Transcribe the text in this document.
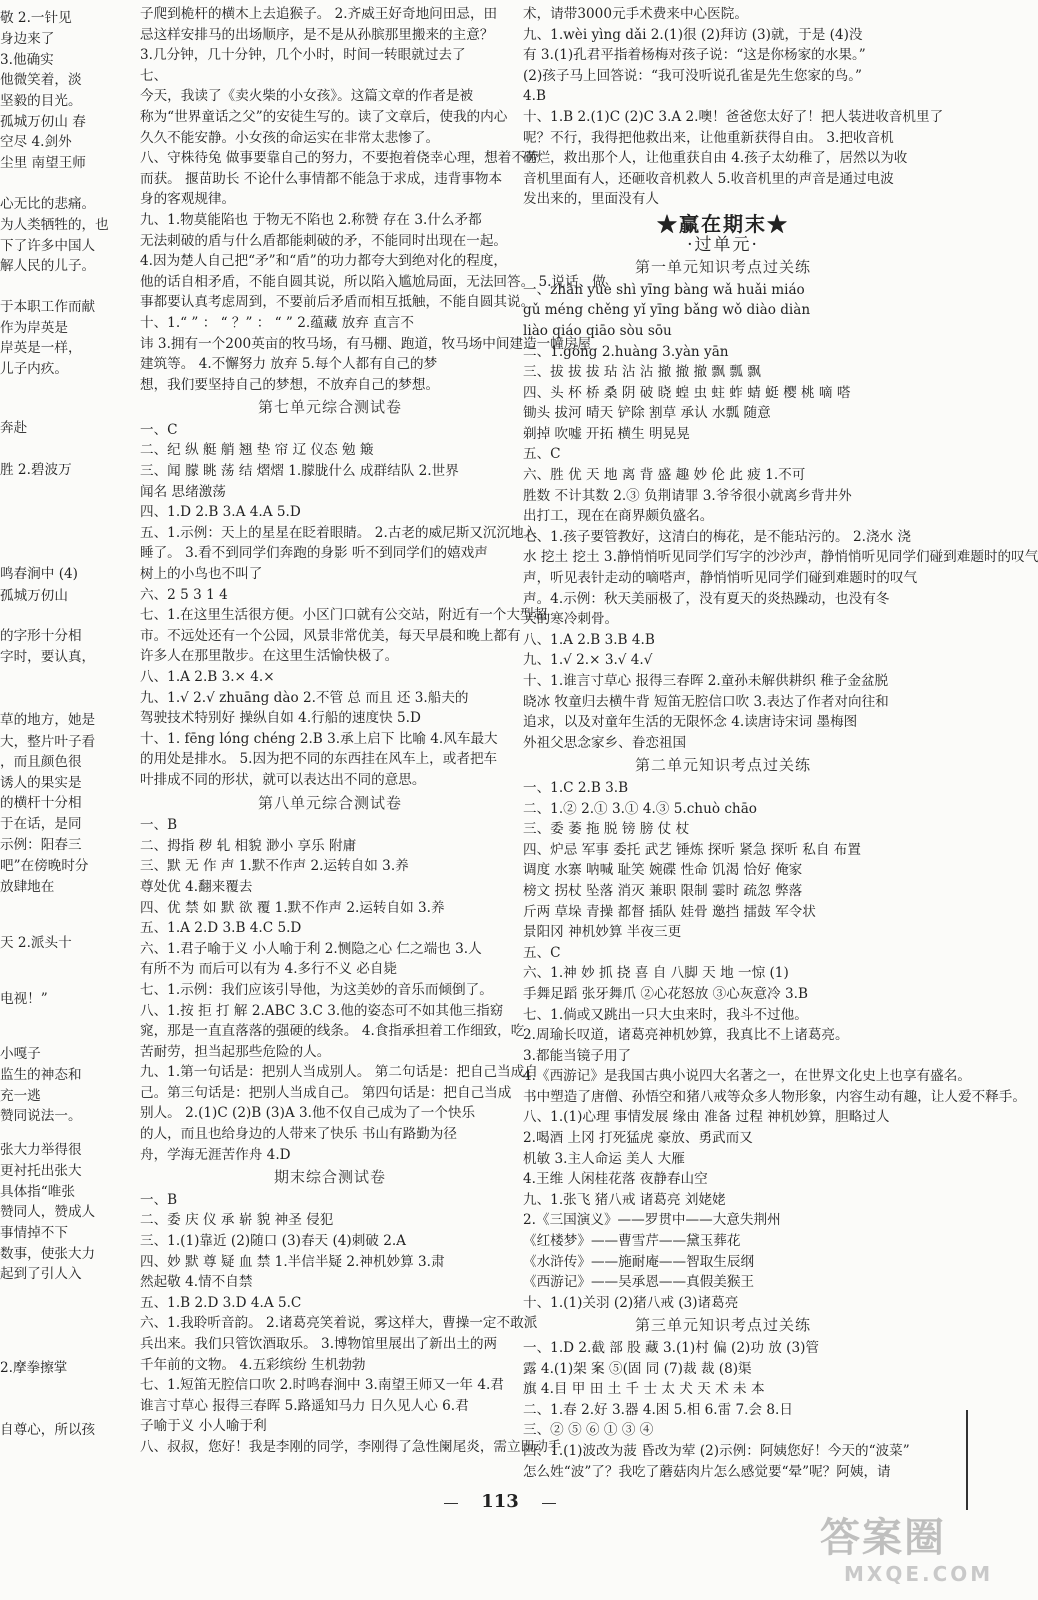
敬 2.一针见
身边来了
3.他确实
他微笑着，淡
坚毅的目光。
孤城万仞山 春
空尽 4.剑外
尘里 南望王师
心无比的悲痛。
为人类牺牲的，也
下了许多中国人
解人民的儿子。
于本职工作而献
作为岸英是
岸英是一样，
儿子内疚。
奔赴
胜 2.碧波万
鸣春涧中 (4)
孤城万仞山
的字形十分相
字时，要认真，
草的地方，她是
大，整片叶子看
，而且颜色很
诱人的果实是
的横杆十分相
于在话，是同
示例：阳春三
吧”在傍晚时分
放肆地在
天 2.派头十
电视！”
小嘎子
监生的神态和
充一逃
赞同说法一。
张大力举得很
更衬托出张大
具体指“唯张
赞同人，赞成人
事情掉不下
数事，使张大力
起到了引人入
2.摩拳擦掌
自尊心，所以孩
子爬到桅杆的横木上去追猴子。 2.齐威王好奇地问田忌，田
忌这样安排马的出场顺序，是不是从孙膑那里搬来的主意？
3.几分钟，几十分钟，几个小时，时间一转眼就过去了
七、
今天，我读了《卖火柴的小女孩》。这篇文章的作者是被
称为“世界童话之父”的安徒生写的。读了文章后，使我的内心
久久不能安静。小女孩的命运实在非常太悲惨了。
八、守株待兔 做事要靠自己的努力，不要抱着侥幸心理，想着不劳
而获。 揠苗助长 不论什么事情都不能急于求成，违背事物本
身的客观规律。
九、1.物莫能陷也 于物无不陷也 2.称赞 存在 3.什么矛都
无法刺破的盾与什么盾都能刺破的矛，不能同时出现在一起。
4.因为楚人自己把“矛”和“盾”的功力都夸大到绝对化的程度，
他的话自相矛盾，不能自圆其说，所以陷入尴尬局面，无法回答。 5.说话、做
事都要认真考虑周到，不要前后矛盾而相互抵触，不能自圆其说。
十、1.“ ” ： “ ？” ： “ ” 2.蕴藏 放弃 直言不
讳 3.拥有一个200英亩的牧马场，有马棚、跑道，牧马场中间建造一幢房屋
建筑等。 4.不懈努力 放弃 5.每个人都有自己的梦
想，我们要坚持自己的梦想，不放弃自己的梦想。
第七单元综合测试卷
一、C
二、纪 纵 艇 艄 翘 垫 帘 辽 仪态 勉 簸
三、闻 朦 眺 荡 结 熠熠 1.朦胧什么 成群结队 2.世界
闻名 思绪激荡
四、1.D 2.B 3.A 4.A 5.D
五、1.示例：天上的星星在眨着眼睛。 2.古老的威尼斯又沉沉地入
睡了。 3.看不到同学们奔跑的身影 听不到同学们的嬉戏声
树上的小鸟也不叫了
六、2 5 3 1 4
七、1.在这里生活很方便。小区门口就有公交站，附近有一个大型超
市。不远处还有一个公园，风景非常优美，每天早晨和晚上都有
许多人在那里散步。在这里生活愉快极了。
八、1.A 2.B 3.× 4.×
九、1.√ 2.√ zhuāng dào 2.不管 总 而且 还 3.船夫的
驾驶技术特别好 操纵自如 4.行船的速度快 5.D
十、1. fēng lóng chéng 2.B 3.承上启下 比喻 4.风车最大
的用处是排水。 5.因为把不同的东西挂在风车上，或者把车
叶排成不同的形状，就可以表达出不同的意思。
第八单元综合测试卷
一、B
二、拇指 秽 轧 相貌 渺小 享乐 附庸
三、默 无 作 声 1.默不作声 2.运转自如 3.养
尊处优 4.翻来覆去
四、优 禁 如 默 欲 覆 1.默不作声 2.运转自如 3.养
五、1.A 2.D 3.B 4.C 5.D
六、1.君子喻于义 小人喻于利 2.恻隐之心 仁之端也 3.人
有所不为 而后可以有为 4.多行不义 必自毙
七、1.示例：我们应该引导他，为这美妙的音乐而倾倒了。
八、1.按 拒 打 解 2.ABC 3.C 3.他的姿态可不如其他三指窈
窕，那是一直直落落的强硬的线条。 4.食指承担着工作细致，吃
苦耐劳，担当起那些危险的人。
九、1.第一句话是：把别人当成别人。 第二句话是：把自己当成自
己。第三句话是：把别人当成自己。 第四句话是：把自己当成
别人。 2.(1)C (2)B (3)A 3.他不仅自己成为了一个快乐
的人，而且也给身边的人带来了快乐 书山有路勤为径
舟，学海无涯苦作舟 4.D
期末综合测试卷
一、B
二、委 庆 仪 承 崭 貌 神圣 侵犯
三、1.(1)靠近 (2)随口 (3)春天 (4)刺破 2.A
四、妙 默 尊 疑 血 禁 1.半信半疑 2.神机妙算 3.肃
然起敬 4.情不自禁
五、1.B 2.D 3.D 4.A 5.C
六、1.我聆听音韵。 2.诸葛亮笑着说，雾这样大，曹操一定不敢派
兵出来。我们只管饮酒取乐。 3.博物馆里展出了新出土的两
千年前的文物。 4.五彩缤纷 生机勃勃
七、1.短笛无腔信口吹 2.时鸣春涧中 3.南望王师又一年 4.君
谁言寸草心 报得三春晖 5.路遥知马力 日久见人心 6.君
子喻于义 小人喻于利
八、叔叔，您好！我是李刚的同学，李刚得了急性阑尾炎，需立即动手
术，请带3000元手术费来中心医院。
九、1.wèi yìng dǎi 2.(1)很 (2)拜访 (3)就，于是 (4)没
有 3.(1)孔君平指着杨梅对孩子说：“这是你杨家的水果。”
(2)孩子马上回答说：“我可没听说孔雀是先生您家的鸟。”
4.B
十、1.B 2.(1)C (2)C 3.A 2.噢！爸爸您太好了！把人装进收音机里了
呢？不行，我得把他救出来，让他重新获得自由。 3.把收音机
砸烂，救出那个人，让他重获自由 4.孩子太幼稚了，居然以为收
音机里面有人，还砸收音机救人 5.收音机里的声音是通过电波
发出来的，里面没有人
★赢在期末★
·过单元·
第一单元知识考点过关练
一、zhàn yuè shì yīng bàng wǎ huǎi miáo
gǔ méng chěng yǐ yīng bǎng wǒ diào diàn
liào qiáo qiāo sòu sōu
二、1.gōng 2.huàng 3.yàn yān
三、拔 拔 拔 玷 沾 沾 撤 撤 撤 飘 瓢 飘
四、头 杯 桥 桑 阴 破 晓 蝗 虫 蛀 蚱 蜻 蜓 樱 桃 嘀 嗒
锄头 拔河 晴天 铲除 割草 承认 水瓢 随意
剃掉 吹嘘 开拓 横生 明晃晃
五、C
六、胜 优 天 地 离 背 盛 趣 妙 伦 此 疲 1.不可
胜数 不计其数 2.③ 负荆请罪 3.爷爷很小就离乡背井外
出打工，现在在商界颇负盛名。
七、1.孩子要管教好，这清白的梅花，是不能玷污的。 2.浇水 浇
水 挖土 挖土 3.静悄悄听见同学们写字的沙沙声，静悄悄听见同学们碰到难题时的叹气
声，听见表针走动的嘀嗒声，静悄悄听见同学们碰到难题时的叹气
声。4.示例：秋天美丽极了，没有夏天的炎热躁动，也没有冬
天的寒冷刺骨。
八、1.A 2.B 3.B 4.B
九、1.√ 2.× 3.√ 4.√
十、1.谁言寸草心 报得三春晖 2.童孙未解供耕织 稚子金盆脱
晓冰 牧童归去横牛背 短笛无腔信口吹 3.表达了作者对向往和
追求，以及对童年生活的无限怀念 4.读唐诗宋词 墨梅图
外祖父思念家乡、眷恋祖国
第二单元知识考点过关练
一、1.C 2.B 3.B
二、1.② 2.① 3.① 4.③ 5.chuò chāo
三、委 萎 拖 脱 镑 膀 仗 杖
四、炉忌 军事 委托 武艺 锤炼 探听 紧急 探听 私自 布置
调度 水寨 呐喊 耻笑 婉碟 性命 饥渴 恰好 俺家
榜文 拐杖 坠落 消灭 兼职 限制 霎时 疏忽 弊落
斤两 草垛 青操 都督 插队 娃骨 邀挡 擂鼓 军令状
景阳冈 神机妙算 半夜三更
五、C
六、1.神 妙 抓 挠 喜 自 八脚 天 地 一惊 (1)
手舞足蹈 张牙舞爪 ②心花怒放 ③心灰意冷 3.B
七、1.倘或又跳出一只大虫来时，我斗不过他。
2.周瑜长叹道，诸葛亮神机妙算，我真比不上诸葛亮。
3.都能当镜子用了
4.《西游记》是我国古典小说四大名著之一，在世界文化史上也享有盛名。
书中塑造了唐僧、孙悟空和猪八戒等众多人物形象，内容生动有趣，让人爱不释手。
八、1.(1)心理 事情发展 缘由 准备 过程 神机妙算，胆略过人
2.喝酒 上冈 打死猛虎 豪放、勇武而又
机敏 3.主人命运 美人 大雁
4.王维 人闲桂花落 夜静春山空
九、1.张飞 猪八戒 诸葛亮 刘姥姥
2.《三国演义》——罗贯中——大意失荆州
《红楼梦》——曹雪芹——黛玉葬花
《水浒传》——施耐庵——智取生辰纲
《西游记》——吴承恩——真假美猴王
十、1.(1)关羽 (2)猪八戒 (3)诸葛亮
第三单元知识考点过关练
一、1.D 2.截 部 股 藏 3.(1)村 偏 (2)功 放 (3)管
露 4.(1)架 案 ⑤(固 同 (7)裁 裁 (8)渠
旗 4.目 甲 田 土 千 士 太 犬 天 术 未 本
二、1.春 2.好 3.器 4.困 5.相 6.雷 7.会 8.日
三、② ⑤ ⑥ ① ③ ④
四、1.(1)波改为菠 昏改为荤 (2)示例：阿姨您好！今天的“波菜”
怎么姓“波”了？我吃了蘑菇肉片怎么感觉要“晕”呢？阿姨，请
113
答案圈
MXQE.COM
